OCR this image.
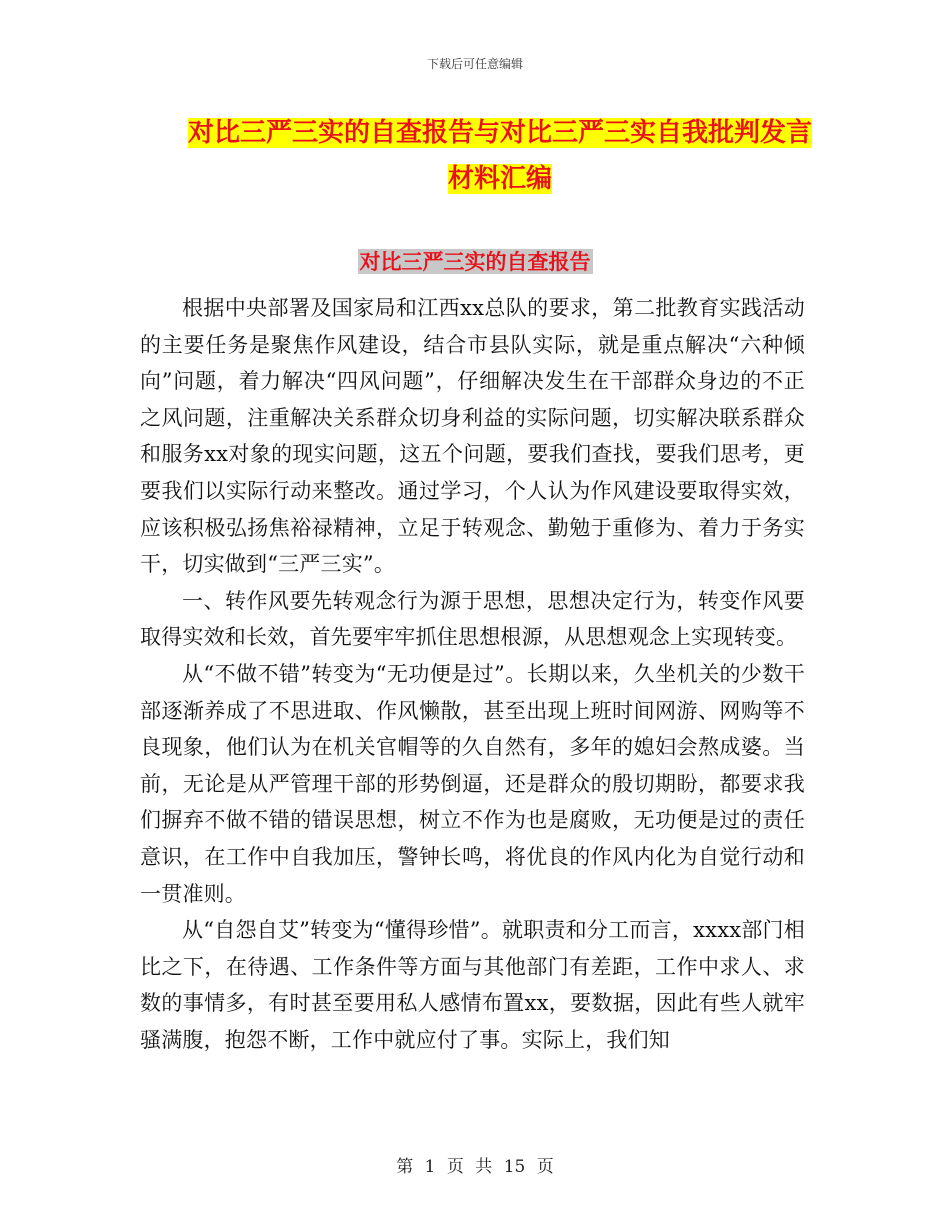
下载后可任意编辑
对比三严三实的自查报告与对比三严三实自我批判发言材料汇编
对比三严三实的自查报告

根据中央部署及国家局和江西xx总队的要求，第二批教育实践活动的主要任务是聚焦作风建设，结合市县队实际，就是重点解决“六种倾向”问题，着力解决“四风问题”，仔细解决发生在干部群众身边的不正之风问题，注重解决关系群众切身利益的实际问题，切实解决联系群众和服务xx对象的现实问题，这五个问题，要我们查找，要我们思考，更要我们以实际行动来整改。通过学习，个人认为作风建设要取得实效，应该积极弘扬焦裕禄精神，立足于转观念、勤勉于重修为、着力于务实干，切实做到“三严三实”。

一、转作风要先转观念行为源于思想，思想决定行为，转变作风要取得实效和长效，首先要牢牢抓住思想根源，从思想观念上实现转变。

从“不做不错”转变为“无功便是过”。长期以来，久坐机关的少数干部逐渐养成了不思进取、作风懒散，甚至出现上班时间网游、网购等不良现象，他们认为在机关官帽等的久自然有，多年的媳妇会熬成婆。当前，无论是从严管理干部的形势倒逼，还是群众的殷切期盼，都要求我们摒弃不做不错的错误思想，树立不作为也是腐败，无功便是过的责任意识，在工作中自我加压，警钟长鸣，将优良的作风内化为自觉行动和一贯准则。

从“自怨自艾”转变为“懂得珍惜”。就职责和分工而言，xxxx部门相比之下，在待遇、工作条件等方面与其他部门有差距，工作中求人、求数的事情多，有时甚至要用私人感情布置xx，要数据，因此有些人就牢骚满腹，抱怨不断，工作中就应付了事。实际上，我们知

第 1 页 共 15 页
